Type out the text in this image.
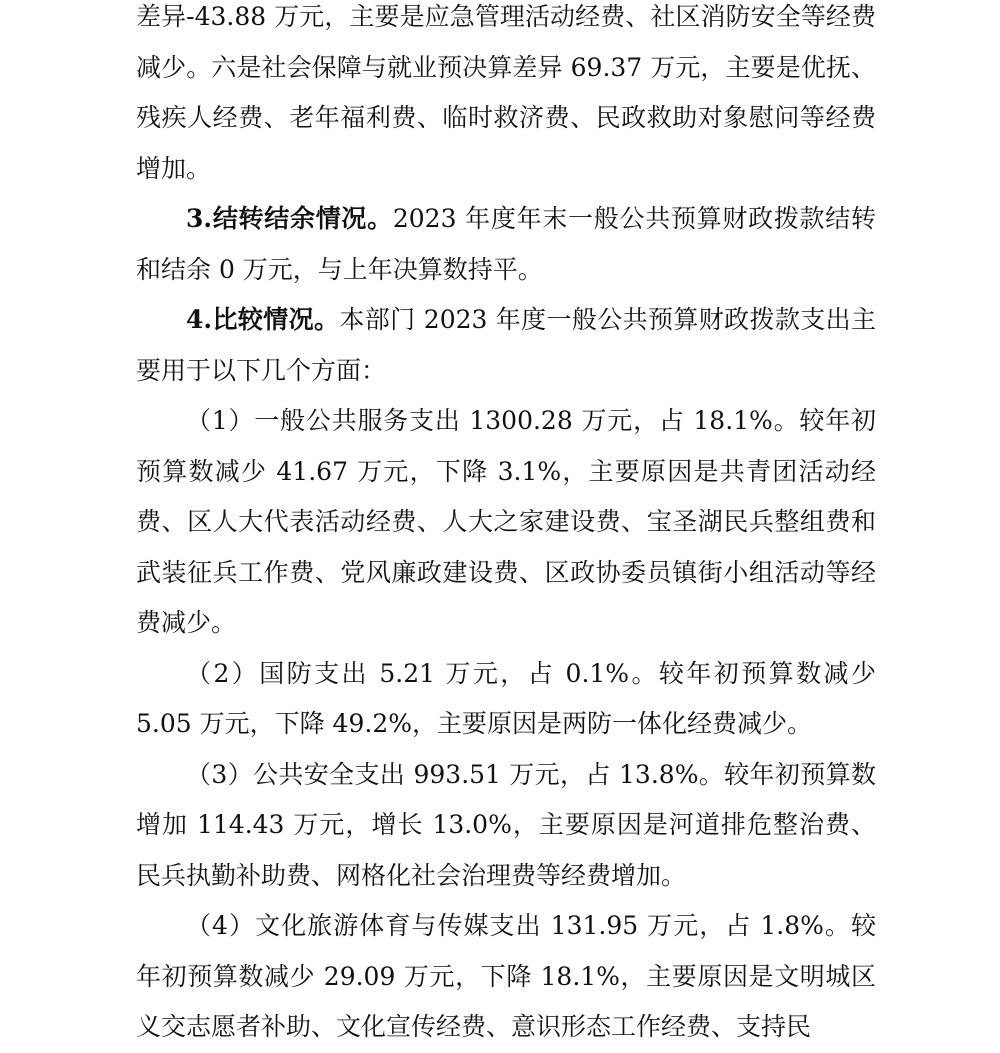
差异-43.88 万元，主要是应急管理活动经费、社区消防安全等经费减少。六是社会保障与就业预决算差异 69.37 万元，主要是优抚、残疾人经费、老年福利费、临时救济费、民政救助对象慰问等经费增加。

3.结转结余情况。2023 年度年末一般公共预算财政拨款结转和结余 0 万元，与上年决算数持平。

4.比较情况。本部门 2023 年度一般公共预算财政拨款支出主要用于以下几个方面：

（1）一般公共服务支出 1300.28 万元，占 18.1%。较年初预算数减少 41.67 万元，下降 3.1%，主要原因是共青团活动经费、区人大代表活动经费、人大之家建设费、宝圣湖民兵整组费和武装征兵工作费、党风廉政建设费、区政协委员镇街小组活动等经费减少。

（2）国防支出 5.21 万元，占 0.1%。较年初预算数减少 5.05 万元，下降 49.2%，主要原因是两防一体化经费减少。

（3）公共安全支出 993.51 万元，占 13.8%。较年初预算数增加 114.43 万元，增长 13.0%，主要原因是河道排危整治费、民兵执勤补助费、网格化社会治理费等经费增加。

（4）文化旅游体育与传媒支出 131.95 万元，占 1.8%。较年初预算数减少 29.09 万元，下降 18.1%，主要原因是文明城区义交志愿者补助、文化宣传经费、意识形态工作经费、支持民
